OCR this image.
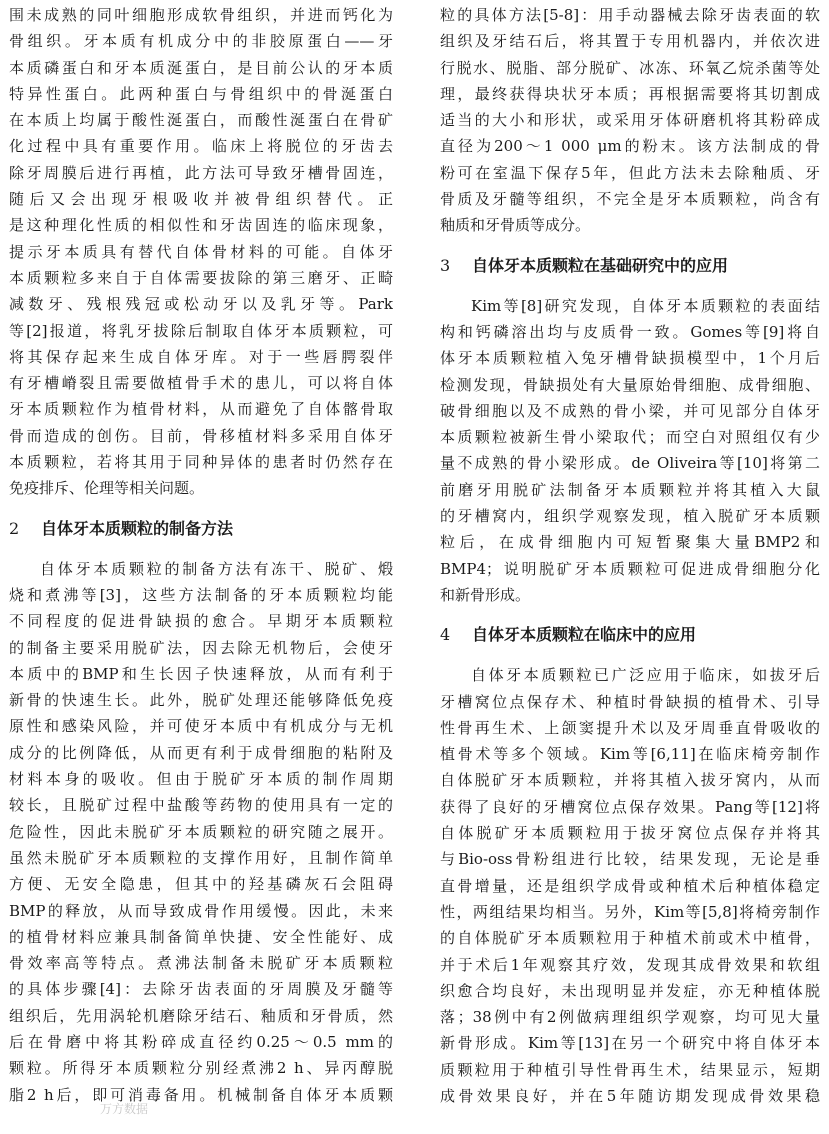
围未成熟的同叶细胞形成软骨组织，并进而钙化为
骨组织。牙本质有机成分中的非胶原蛋白——牙
本质磷蛋白和牙本质涎蛋白，是目前公认的牙本质
特异性蛋白。此两种蛋白与骨组织中的骨涎蛋白
在本质上均属于酸性涎蛋白，而酸性涎蛋白在骨矿
化过程中具有重要作用。临床上将脱位的牙齿去
除牙周膜后进行再植，此方法可导致牙槽骨固连，
随后又会出现牙根吸收并被骨组织替代。正
是这种理化性质的相似性和牙齿固连的临床现象，
提示牙本质具有替代自体骨材料的可能。自体牙
本质颗粒多来自于自体需要拔除的第三磨牙、正畸
减数牙、残根残冠或松动牙以及乳牙等。Park
等[2]报道，将乳牙拔除后制取自体牙本质颗粒，可
将其保存起来生成自体牙库。对于一些唇腭裂伴
有牙槽嵴裂且需要做植骨手术的患儿，可以将自体
牙本质颗粒作为植骨材料，从而避免了自体髂骨取
骨而造成的创伤。目前，骨移植材料多采用自体牙
本质颗粒，若将其用于同种异体的患者时仍然存在
免疫排斥、伦理等相关问题。
2 自体牙本质颗粒的制备方法
自体牙本质颗粒的制备方法有冻干、脱矿、煅
烧和煮沸等[3]，这些方法制备的牙本质颗粒均能
不同程度的促进骨缺损的愈合。早期牙本质颗粒
的制备主要采用脱矿法，因去除无机物后，会使牙
本质中的BMP和生长因子快速释放，从而有利于
新骨的快速生长。此外，脱矿处理还能够降低免疫
原性和感染风险，并可使牙本质中有机成分与无机
成分的比例降低，从而更有利于成骨细胞的粘附及
材料本身的吸收。但由于脱矿牙本质的制作周期
较长，且脱矿过程中盐酸等药物的使用具有一定的
危险性，因此未脱矿牙本质颗粒的研究随之展开。
虽然未脱矿牙本质颗粒的支撑作用好，且制作简单
方便、无安全隐患，但其中的羟基磷灰石会阻碍
BMP的释放，从而导致成骨作用缓慢。因此，未来
的植骨材料应兼具制备简单快捷、安全性能好、成
骨效率高等特点。煮沸法制备未脱矿牙本质颗粒
的具体步骤[4]：去除牙齿表面的牙周膜及牙髓等
组织后，先用涡轮机磨除牙结石、釉质和牙骨质，然
后在骨磨中将其粉碎成直径约0.25～0.5 mm的
颗粒。所得牙本质颗粒分别经煮沸2 h、异丙醇脱
脂2 h后，即可消毒备用。机械制备自体牙本质颗
粒的具体方法[5-8]：用手动器械去除牙齿表面的软
组织及牙结石后，将其置于专用机器内，并依次进
行脱水、脱脂、部分脱矿、冰冻、环氧乙烷杀菌等处
理，最终获得块状牙本质；再根据需要将其切割成
适当的大小和形状，或采用牙体研磨机将其粉碎成
直径为200～1 000 μm的粉末。该方法制成的骨
粉可在室温下保存5年，但此方法未去除釉质、牙
骨质及牙髓等组织，不完全是牙本质颗粒，尚含有
釉质和牙骨质等成分。
3 自体牙本质颗粒在基础研究中的应用
Kim等[8]研究发现，自体牙本质颗粒的表面结
构和钙磷溶出均与皮质骨一致。Gomes等[9]将自
体牙本质颗粒植入兔牙槽骨缺损模型中，1个月后
检测发现，骨缺损处有大量原始骨细胞、成骨细胞、
破骨细胞以及不成熟的骨小梁，并可见部分自体牙
本质颗粒被新生骨小梁取代；而空白对照组仅有少
量不成熟的骨小梁形成。de Oliveira等[10]将第二
前磨牙用脱矿法制备牙本质颗粒并将其植入大鼠
的牙槽窝内，组织学观察发现，植入脱矿牙本质颗
粒后，在成骨细胞内可短暂聚集大量BMP2和
BMP4；说明脱矿牙本质颗粒可促进成骨细胞分化
和新骨形成。
4 自体牙本质颗粒在临床中的应用
自体牙本质颗粒已广泛应用于临床，如拔牙后
牙槽窝位点保存术、种植时骨缺损的植骨术、引导
性骨再生术、上颌窦提升术以及牙周垂直骨吸收的
植骨术等多个领域。Kim等[6,11]在临床椅旁制作
自体脱矿牙本质颗粒，并将其植入拔牙窝内，从而
获得了良好的牙槽窝位点保存效果。Pang等[12]将
自体脱矿牙本质颗粒用于拔牙窝位点保存并将其
与Bio-oss骨粉组进行比较，结果发现，无论是垂
直骨增量，还是组织学成骨或种植术后种植体稳定
性，两组结果均相当。另外，Kim等[5,8]将椅旁制作
的自体脱矿牙本质颗粒用于种植术前或术中植骨，
并于术后1年观察其疗效，发现其成骨效果和软组
织愈合均良好，未出现明显并发症，亦无种植体脱
落；38例中有2例做病理组织学观察，均可见大量
新骨形成。Kim等[13]在另一个研究中将自体牙本
质颗粒用于种植引导性骨再生术，结果显示，短期
成骨效果良好，并在5年随访期发现成骨效果稳
万方数据
